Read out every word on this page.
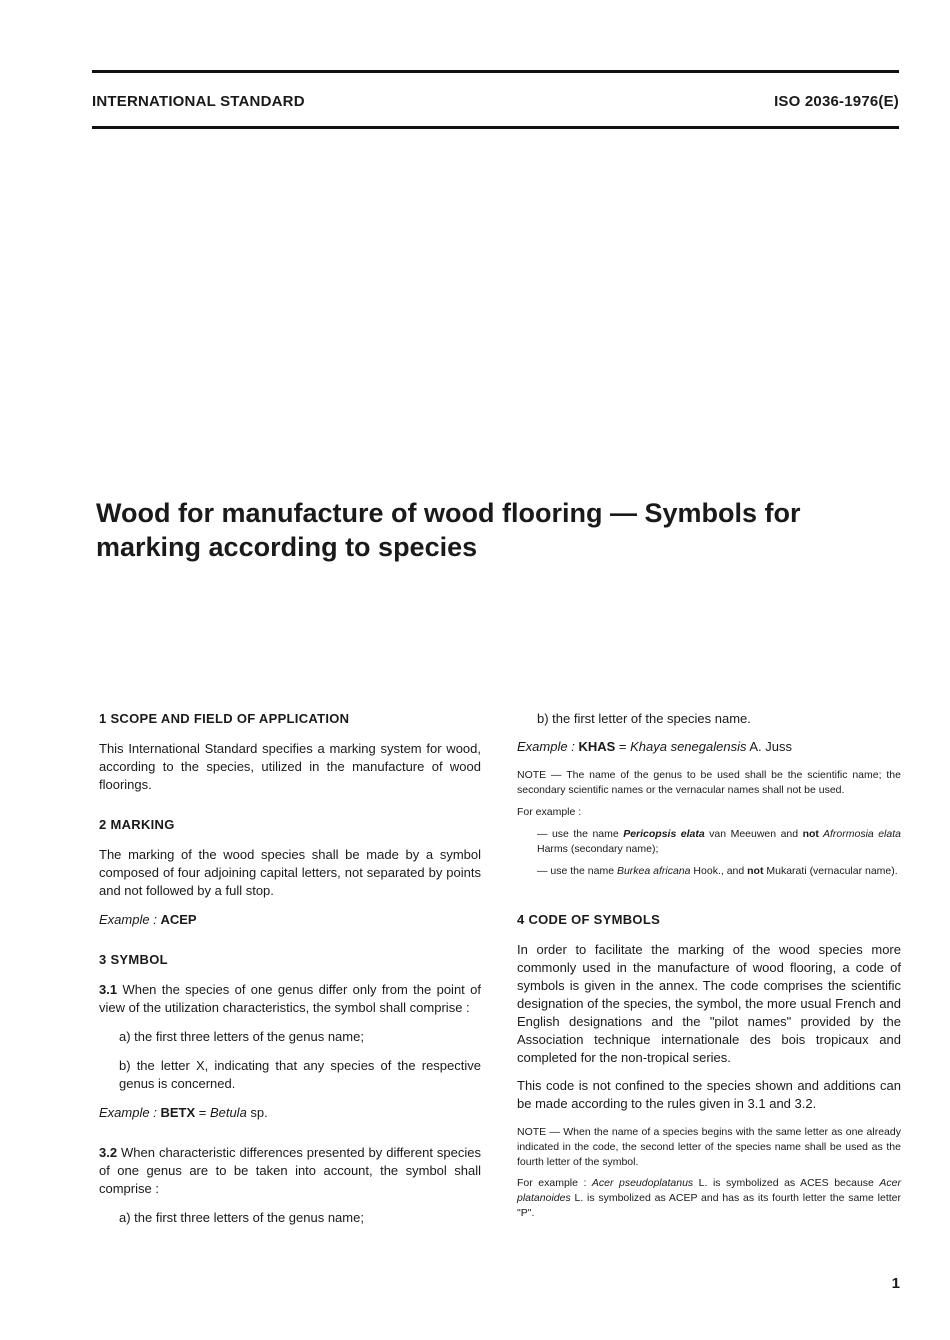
INTERNATIONAL STANDARD	ISO 2036-1976(E)
Wood for manufacture of wood flooring — Symbols for marking according to species

1 SCOPE AND FIELD OF APPLICATION

This International Standard specifies a marking system for wood, according to the species, utilized in the manufacture of wood floorings.

2 MARKING

The marking of the wood species shall be made by a symbol composed of four adjoining capital letters, not separated by points and not followed by a full stop.

Example : ACEP

3 SYMBOL

3.1 When the species of one genus differ only from the point of view of the utilization characteristics, the symbol shall comprise :

a) the first three letters of the genus name;

b) the letter X, indicating that any species of the respective genus is concerned.

Example : BETX = Betula sp.

3.2 When characteristic differences presented by different species of one genus are to be taken into account, the symbol shall comprise :

a) the first three letters of the genus name;

b) the first letter of the species name.

Example : KHAS = Khaya senegalensis A. Juss

NOTE — The name of the genus to be used shall be the scientific name; the secondary scientific names or the vernacular names shall not be used.

For example :

— use the name Pericopsis elata van Meeuwen and not Afrormosia elata Harms (secondary name);

— use the name Burkea africana Hook., and not Mukarati (vernacular name).

4 CODE OF SYMBOLS

In order to facilitate the marking of the wood species more commonly used in the manufacture of wood flooring, a code of symbols is given in the annex. The code comprises the scientific designation of the species, the symbol, the more usual French and English designations and the "pilot names" provided by the Association technique internationale des bois tropicaux and completed for the non-tropical series.

This code is not confined to the species shown and additions can be made according to the rules given in 3.1 and 3.2.

NOTE — When the name of a species begins with the same letter as one already indicated in the code, the second letter of the species name shall be used as the fourth letter of the symbol.

For example : Acer pseudoplatanus L. is symbolized as ACES because Acer platanoides L. is symbolized as ACEP and has as its fourth letter the same letter "P".

1
